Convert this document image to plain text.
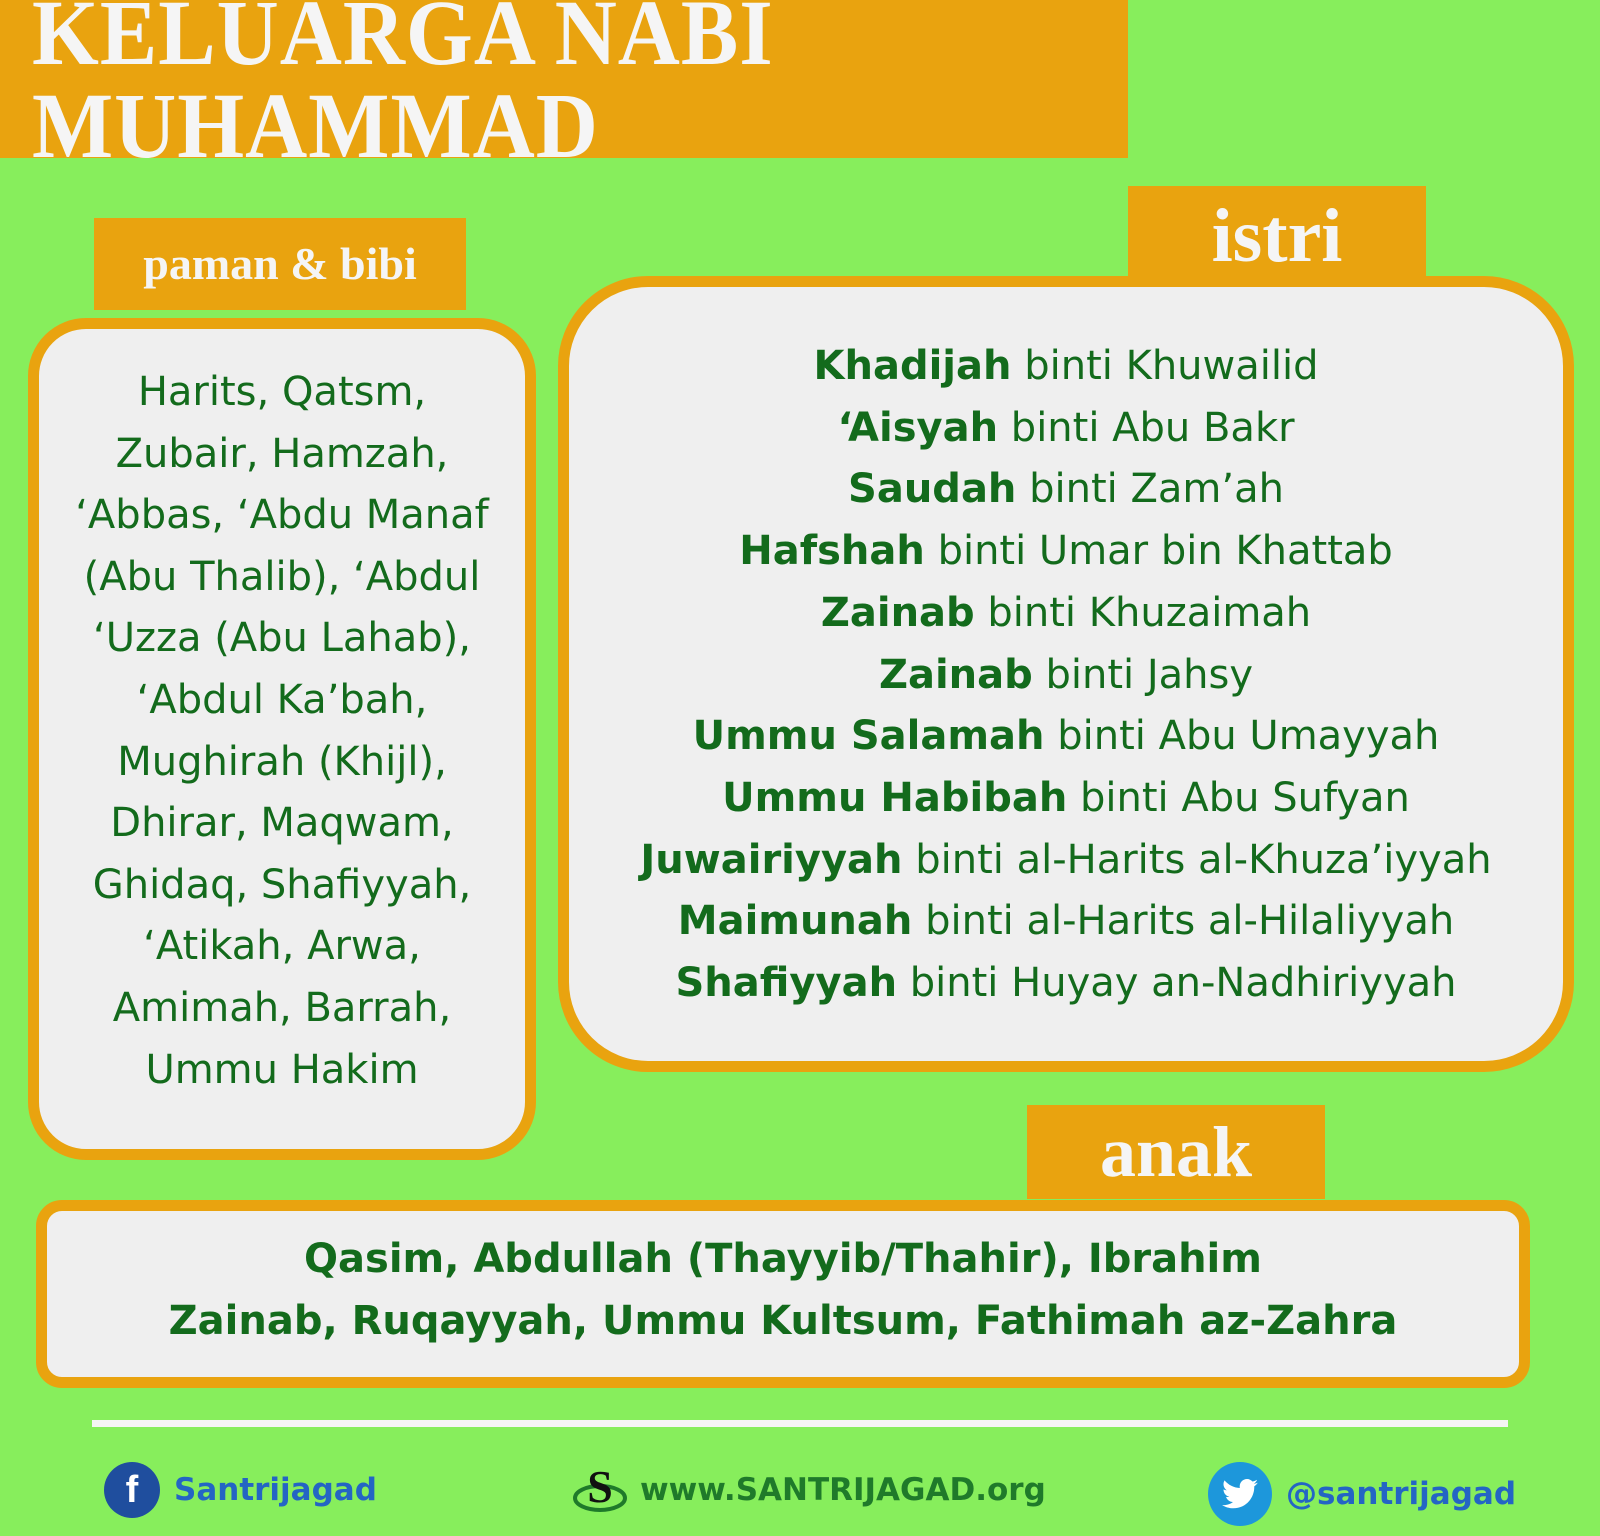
KELUARGA NABI MUHAMMAD
paman & bibi
Harits, Qatsm,
Zubair, Hamzah,
‘Abbas, ‘Abdu Manaf
(Abu Thalib), ‘Abdul
‘Uzza (Abu Lahab),
‘Abdul Ka’bah,
Mughirah (Khijl),
Dhirar, Maqwam,
Ghidaq, Shafiyyah,
‘Atikah, Arwa,
Amimah, Barrah,
Ummu Hakim
istri
Khadijah binti Khuwailid
‘Aisyah binti Abu Bakr
Saudah binti Zam’ah
Hafshah binti Umar bin Khattab
Zainab binti Khuzaimah
Zainab binti Jahsy
Ummu Salamah binti Abu Umayyah
Ummu Habibah binti Abu Sufyan
Juwairiyyah binti al-Harits al-Khuza’iyyah
Maimunah binti al-Harits al-Hilaliyyah
Shafiyyah binti Huyay an-Nadhiriyyah
anak
Qasim, Abdullah (Thayyib/Thahir), Ibrahim
Zainab, Ruqayyah, Ummu Kultsum, Fathimah az-Zahra
f	Santrijagad	S www.SANTRIJAGAD.org	@santrijagad
